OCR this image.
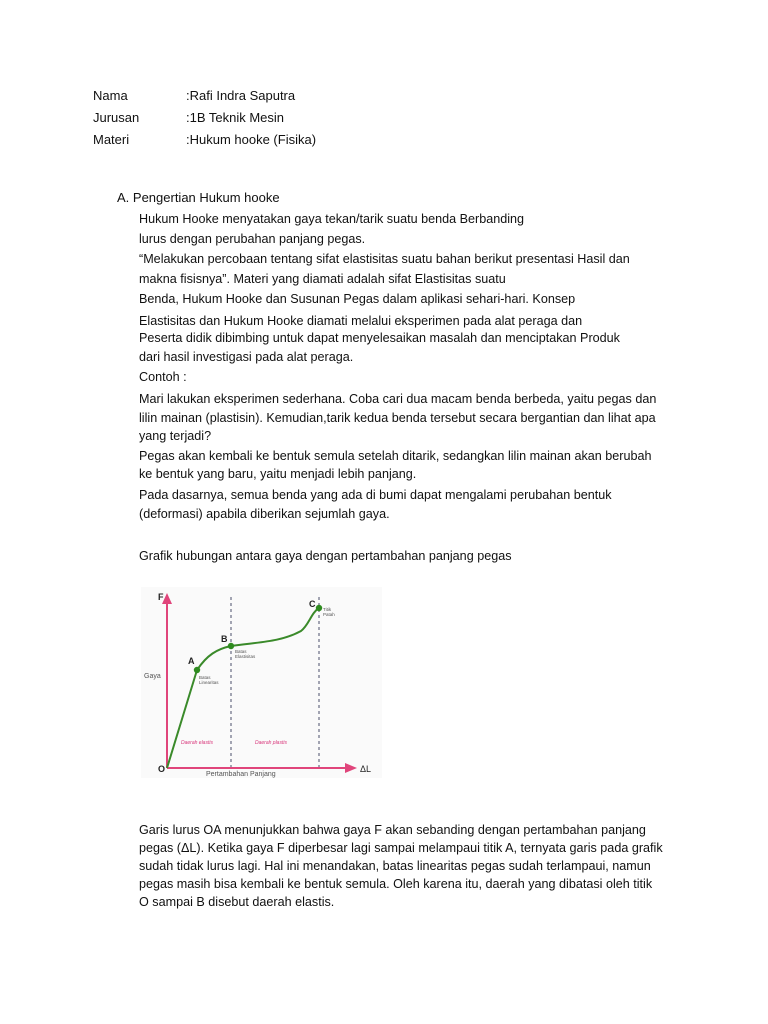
Nama	:Rafi Indra Saputra
Jurusan	:1B Teknik Mesin
Materi	:Hukum hooke (Fisika)
A. Pengertian Hukum hooke
Hukum Hooke menyatakan gaya tekan/tarik suatu benda Berbanding
lurus dengan perubahan panjang pegas.
“Melakukan percobaan tentang sifat elastisitas suatu bahan berikut presentasi Hasil dan
makna fisisnya”. Materi yang diamati adalah sifat Elastisitas suatu
Benda, Hukum Hooke dan Susunan Pegas dalam aplikasi sehari-hari. Konsep
Elastisitas dan Hukum Hooke diamati melalui eksperimen pada alat peraga dan
Peserta didik dibimbing untuk dapat menyelesaikan masalah dan menciptakan Produk
dari hasil investigasi pada alat peraga.
Contoh :
Mari lakukan eksperimen sederhana. Coba cari dua macam benda berbeda, yaitu pegas dan
lilin mainan (plastisin). Kemudian,tarik kedua benda tersebut secara bergantian dan lihat apa
yang terjadi?
Pegas akan kembali ke bentuk semula setelah ditarik, sedangkan lilin mainan akan berubah
ke bentuk yang baru, yaitu menjadi lebih panjang.
Pada dasarnya, semua benda yang ada di bumi dapat mengalami perubahan bentuk
(deformasi) apabila diberikan sejumlah gaya.
Grafik hubungan antara gaya dengan pertambahan panjang pegas
F
O	ΔL
Gaya
Pertambahan Panjang
A
B
C
Batas
Linearitas
Batas
Elastisitas
Titik
Patah
Daerah elastis	Daerah plastis
Garis lurus OA menunjukkan bahwa gaya F akan sebanding dengan pertambahan panjang
pegas (ΔL). Ketika gaya F diperbesar lagi sampai melampaui titik A, ternyata garis pada grafik
sudah tidak lurus lagi. Hal ini menandakan, batas linearitas pegas sudah terlampaui, namun
pegas masih bisa kembali ke bentuk semula. Oleh karena itu, daerah yang dibatasi oleh titik
O sampai B disebut daerah elastis.
